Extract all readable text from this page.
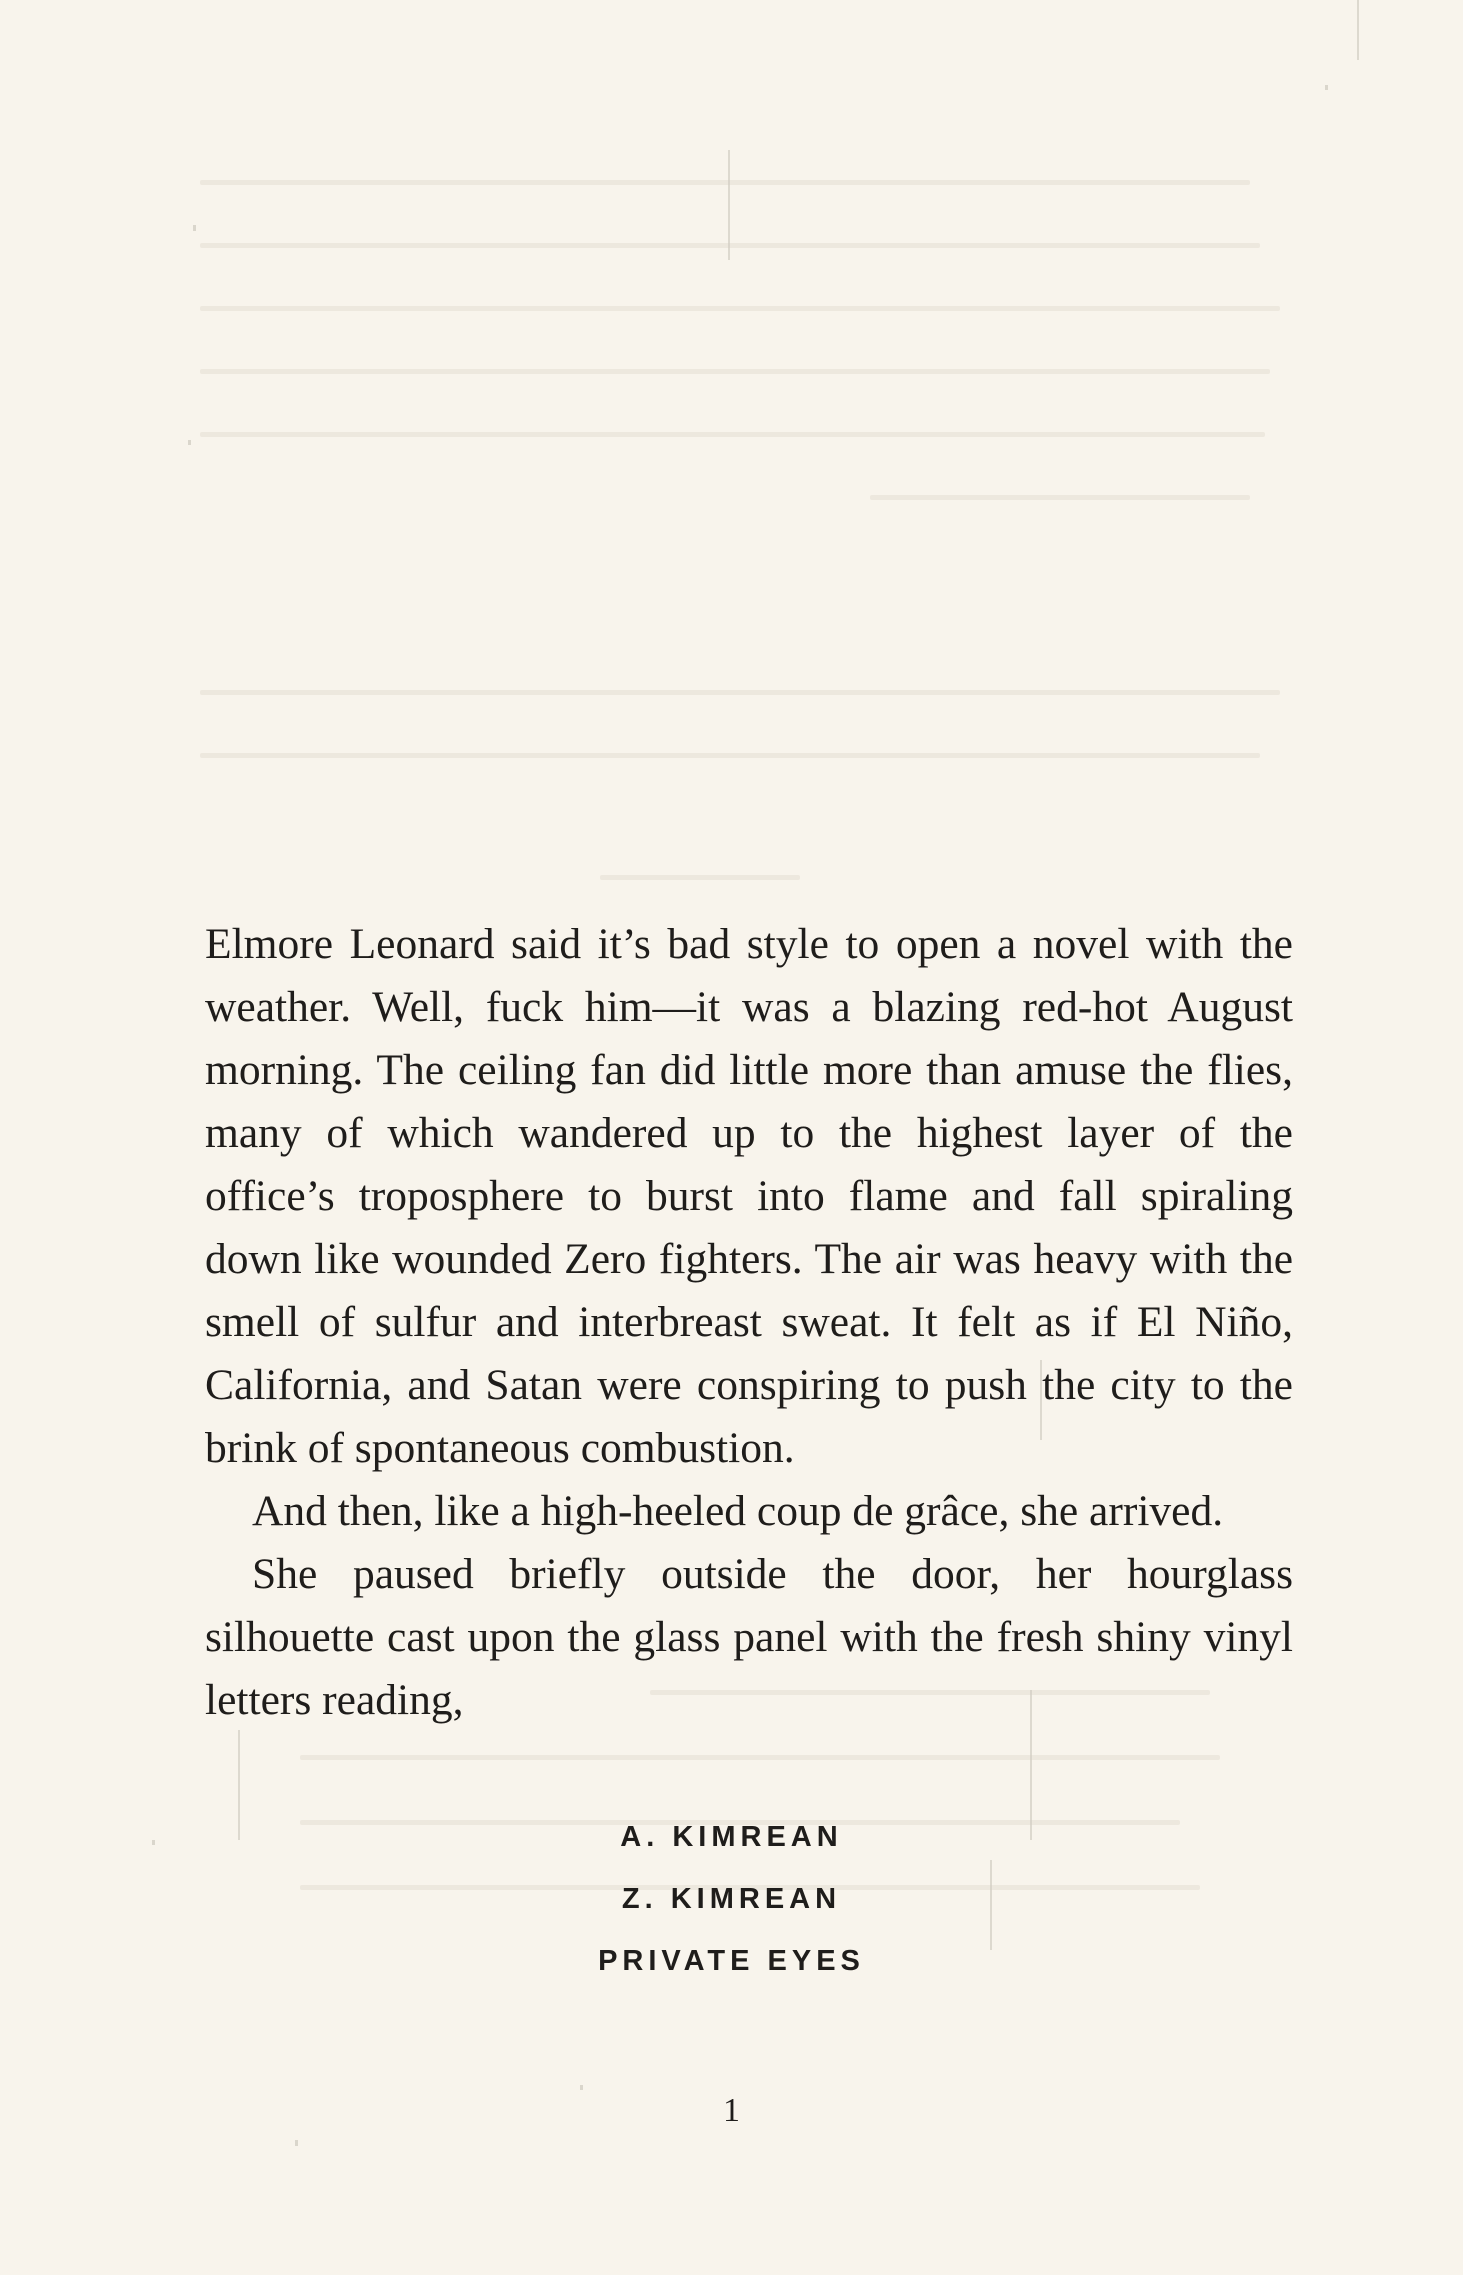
Elmore Leonard said it’s bad style to open a novel with the weather. Well, fuck him—it was a blazing red-hot August morning. The ceiling fan did little more than amuse the flies, many of which wandered up to the highest layer of the office’s troposphere to burst into flame and fall spiraling down like wounded Zero fighters. The air was heavy with the smell of sulfur and interbreast sweat. It felt as if El Niño, California, and Satan were conspiring to push the city to the brink of spontaneous combustion.

And then, like a high-heeled coup de grâce, she arrived.

She paused briefly outside the door, her hourglass silhouette cast upon the glass panel with the fresh shiny vinyl letters reading,

A. KIMREAN
Z. KIMREAN
PRIVATE EYES
1
